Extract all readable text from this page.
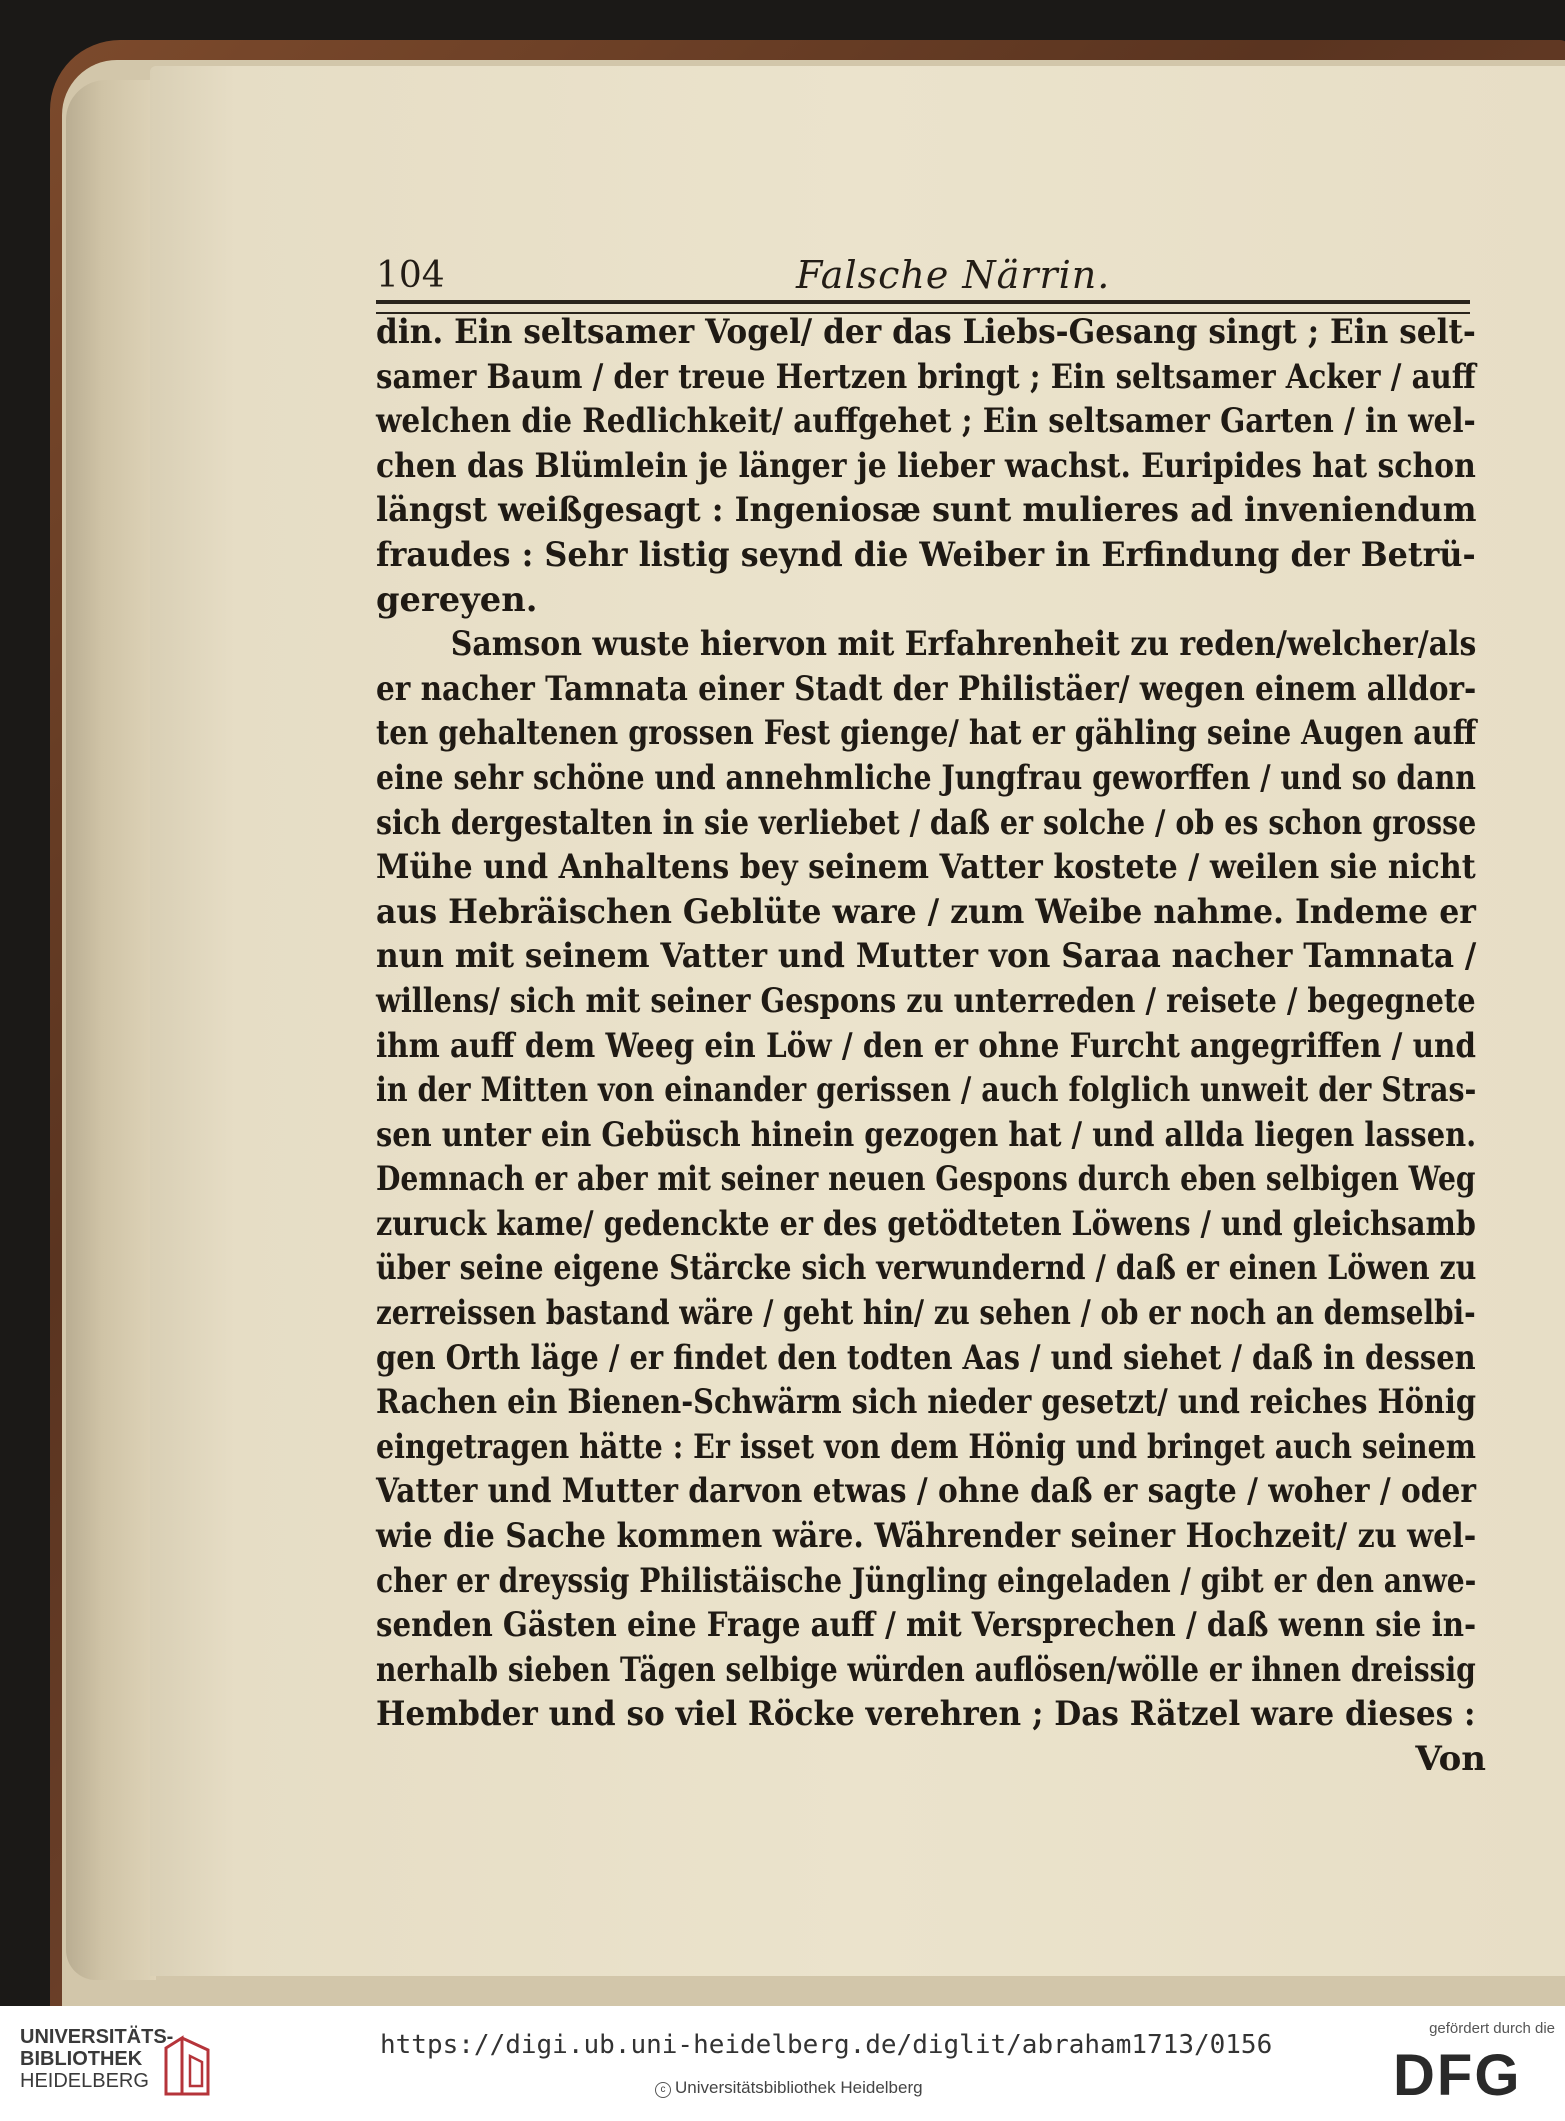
104	Falsche Närrin.
din. Ein seltsamer Vogel/ der das Liebs-Gesang singt ; Ein selt-
samer Baum / der treue Hertzen bringt ; Ein seltsamer Acker / auff
welchen die Redlichkeit/ auffgehet ; Ein seltsamer Garten / in wel-
chen das Blümlein je länger je lieber wachst. Euripides hat schon
längst weißgesagt : Ingeniosæ sunt mulieres ad inveniendum
fraudes : Sehr listig seynd die Weiber in Erfindung der Betrü-
gereyen.
Samson wuste hiervon mit Erfahrenheit zu reden/welcher/als
er nacher Tamnata einer Stadt der Philistäer/ wegen einem alldor-
ten gehaltenen grossen Fest gienge/ hat er gähling seine Augen auff
eine sehr schöne und annehmliche Jungfrau geworffen / und so dann
sich dergestalten in sie verliebet / daß er solche / ob es schon grosse
Mühe und Anhaltens bey seinem Vatter kostete / weilen sie nicht
aus Hebräischen Geblüte ware / zum Weibe nahme. Indeme er
nun mit seinem Vatter und Mutter von Saraa nacher Tamnata /
willens/ sich mit seiner Gespons zu unterreden / reisete / begegnete
ihm auff dem Weeg ein Löw / den er ohne Furcht angegriffen / und
in der Mitten von einander gerissen / auch folglich unweit der Stras-
sen unter ein Gebüsch hinein gezogen hat / und allda liegen lassen.
Demnach er aber mit seiner neuen Gespons durch eben selbigen Weg
zuruck kame/ gedenckte er des getödteten Löwens / und gleichsamb
über seine eigene Stärcke sich verwundernd / daß er einen Löwen zu
zerreissen bastand wäre / geht hin/ zu sehen / ob er noch an demselbi-
gen Orth läge / er findet den todten Aas / und siehet / daß in dessen
Rachen ein Bienen-Schwärm sich nieder gesetzt/ und reiches Hönig
eingetragen hätte : Er isset von dem Hönig und bringet auch seinem
Vatter und Mutter darvon etwas / ohne daß er sagte / woher / oder
wie die Sache kommen wäre. Währender seiner Hochzeit/ zu wel-
cher er dreyssig Philistäische Jüngling eingeladen / gibt er den anwe-
senden Gästen eine Frage auff / mit Versprechen / daß wenn sie in-
nerhalb sieben Tägen selbige würden auflösen/wölle er ihnen dreissig
Hembder und so viel Röcke verehren ; Das Rätzel ware dieses :
Von
UNIVERSITÄTS-
BIBLIOTHEK
HEIDELBERG
https://digi.ub.uni-heidelberg.de/diglit/abraham1713/0156
c Universitätsbibliothek Heidelberg
gefördert durch die
DFG
